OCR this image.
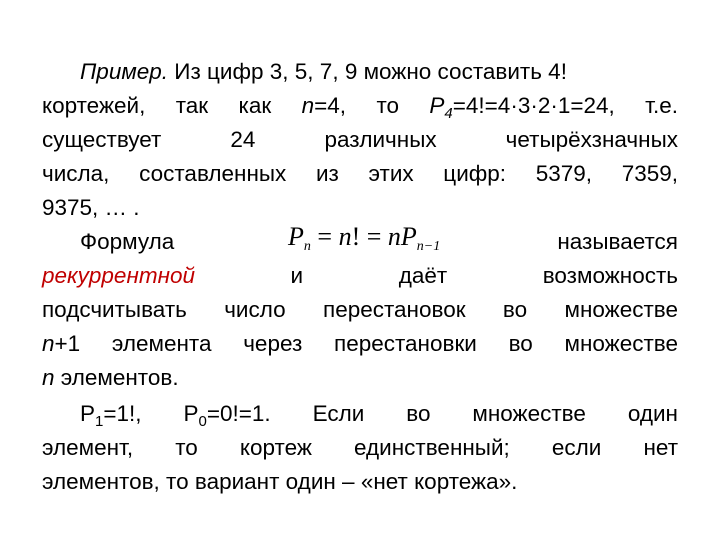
Пример. Из цифр 3, 5, 7, 9 можно составить 4!
кортежей, так как n=4, то $P_4=4!=4\cdot 3\cdot 2\cdot 1=24$, т.е.
существует 24 различных четырёхзначных
числа, составленных из этих цифр: 5379, 7359,
9375, … .
Формула	называется
$P_n = n$! = $nP_{n-1}$
рекуррентной	и	даёт	возможность
подсчитывать число перестановок во множестве
n+1 элемента через перестановки во множестве
n элементов.
$P_1=1$!, $P_0=0!=1$. Если во множестве один
элемент, то кортеж единственный; если нет
элементов, то вариант один – «нет кортежа».
